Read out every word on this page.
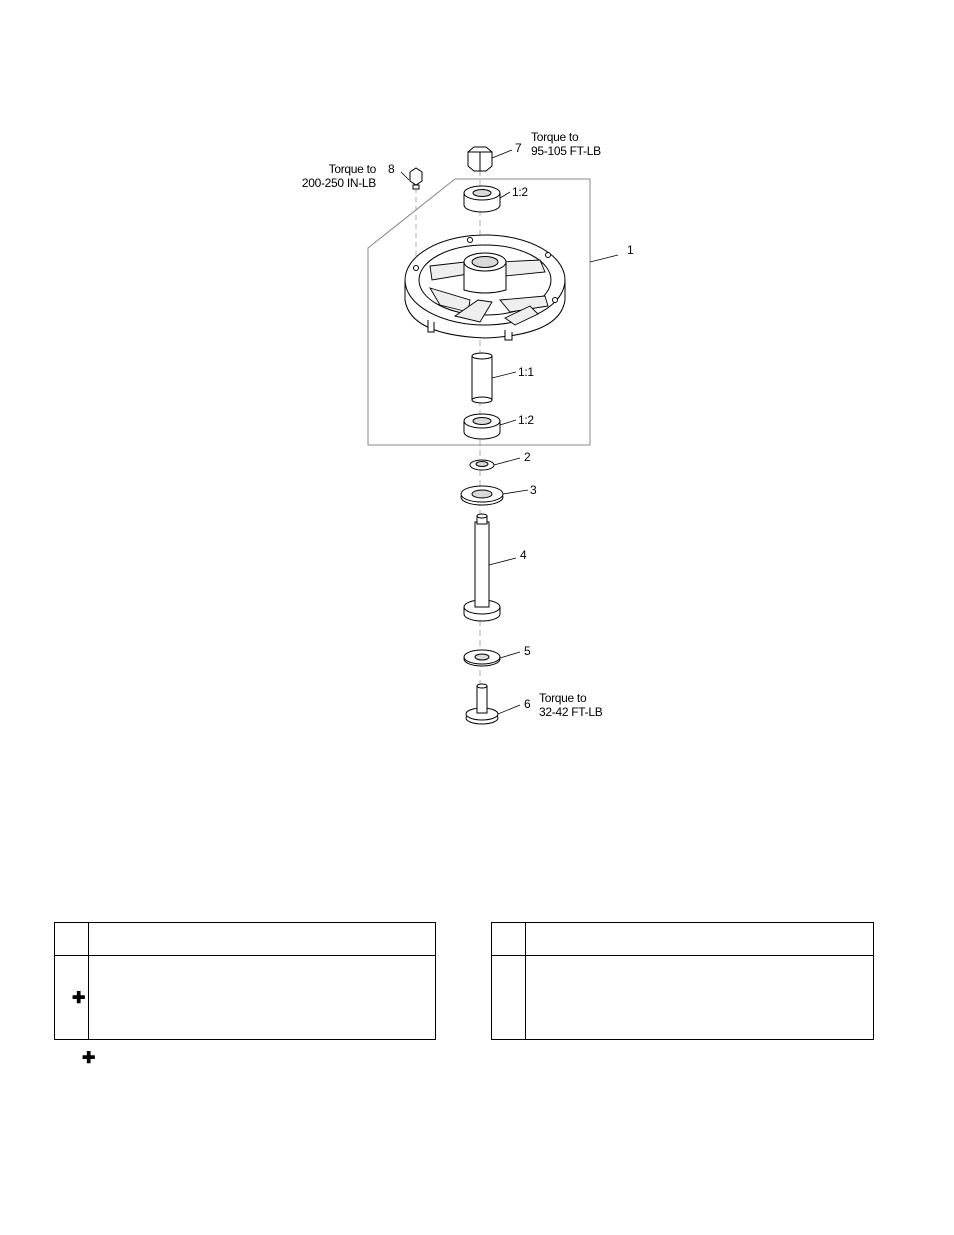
7
8
1:2
1
1:1
1:2
2
3
4
5
6
Torque to
95-105 FT-LB
Torque to
200-250 IN-LB
Torque to
32-42 FT-LB

✚	

✚
